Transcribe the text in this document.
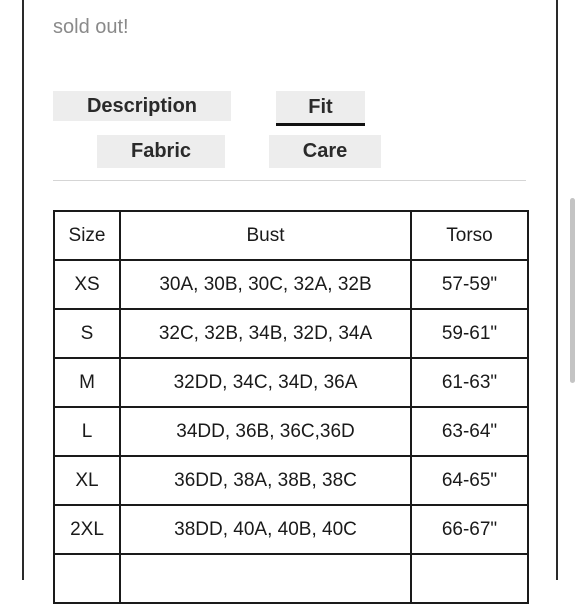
sold out!
Description	Fit
Fabric	Care
Size	Bust	Torso
XS	30A, 30B, 30C, 32A, 32B	57-59"
S	32C, 32B, 34B, 32D, 34A	59-61"
M	32DD, 34C, 34D, 36A	61-63"
L	34DD, 36B, 36C,36D	63-64"
XL	36DD, 38A, 38B, 38C	64-65"
2XL	38DD, 40A, 40B, 40C	66-67"
